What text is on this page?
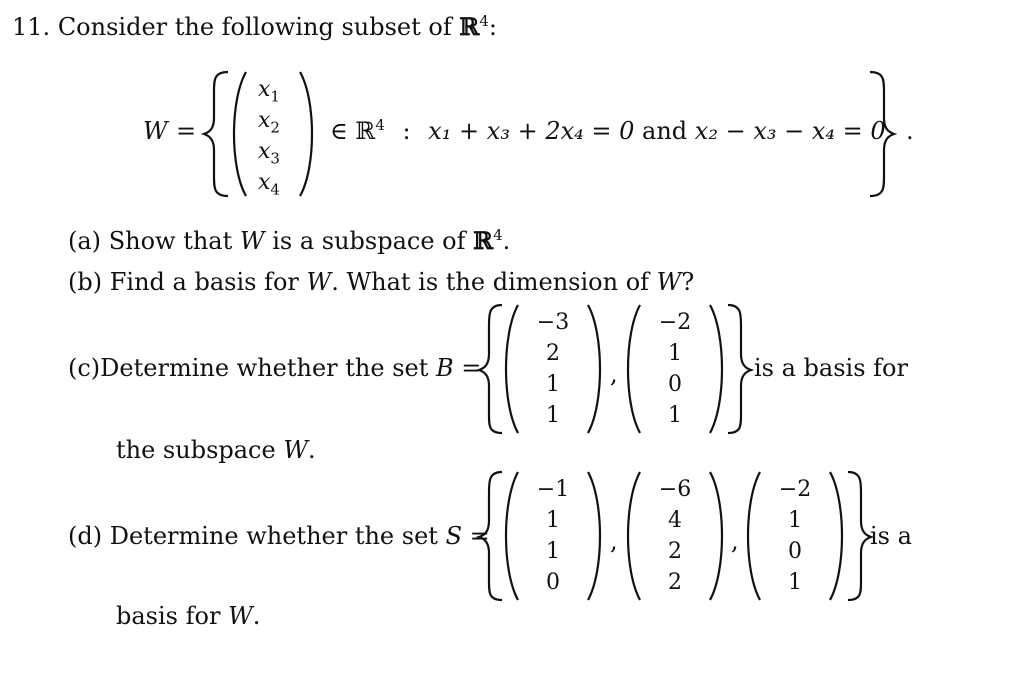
11. Consider the following subset of ℝ$^4$:
W =
$x_1$
$x_2$
$x_3$
$x_4$
∈ ℝ$^4$ : x₁ + x₃ + 2x₄ = 0 and x₂ − x₃ − x₄ = 0 .
(a) Show that W is a subspace of ℝ$^4$.
(b) Find a basis for W. What is the dimension of W?
(c)Determine whether the set B =
−3
2
1
1
,
−2
1
0
1
is a basis for
the subspace W.
(d) Determine whether the set S =
−1
1
1
0
,
−6
4
2
2
,
−2
1
0
1
is a
basis for W.
